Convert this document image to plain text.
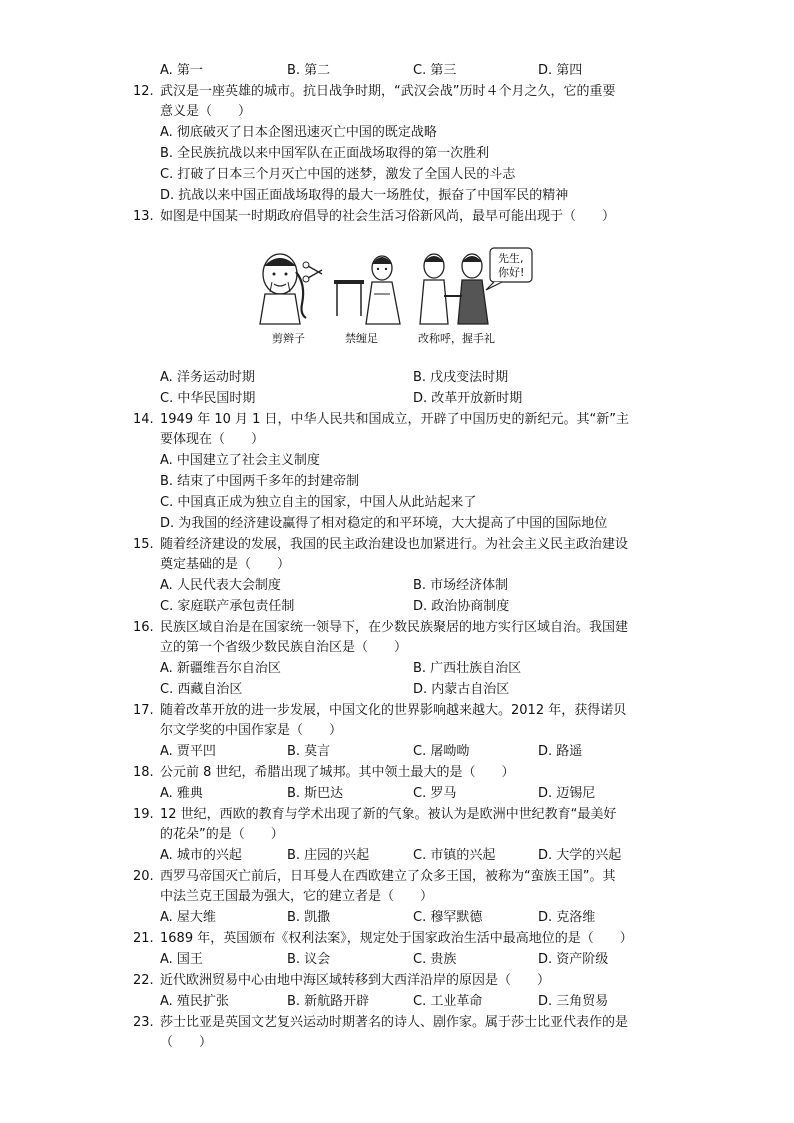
A. 第一	B. 第二	C. 第三	D. 第四
12. 武汉是一座英雄的城市。抗日战争时期，“武汉会战”历时４个月之久，它的重要
意义是（　　）
A. 彻底破灭了日本企图迅速灭亡中国的既定战略
B. 全民族抗战以来中国军队在正面战场取得的第一次胜利
C. 打破了日本三个月灭亡中国的迷梦，激发了全国人民的斗志
D. 抗战以来中国正面战场取得的最大一场胜仗，振奋了中国军民的精神
13. 如图是中国某一时期政府倡导的社会生活习俗新风尚，最早可能出现于（　　）
先生,
你好!
剪辫子	禁缠足	改称呼，握手礼
A. 洋务运动时期	B. 戊戌变法时期
C. 中华民国时期	D. 改革开放新时期
14. 1949 年 10 月 1 日，中华人民共和国成立，开辟了中国历史的新纪元。其“新”主
要体现在（　　）
A. 中国建立了社会主义制度
B. 结束了中国两千多年的封建帝制
C. 中国真正成为独立自主的国家，中国人从此站起来了
D. 为我国的经济建设赢得了相对稳定的和平环境，大大提高了中国的国际地位
15. 随着经济建设的发展，我国的民主政治建设也加紧进行。为社会主义民主政治建设
奠定基础的是（　　）
A. 人民代表大会制度	B. 市场经济体制
C. 家庭联产承包责任制	D. 政治协商制度
16. 民族区域自治是在国家统一领导下，在少数民族聚居的地方实行区域自治。我国建
立的第一个省级少数民族自治区是（　　）
A. 新疆维吾尔自治区	B. 广西壮族自治区
C. 西藏自治区	D. 内蒙古自治区
17. 随着改革开放的进一步发展，中国文化的世界影响越来越大。2012 年，获得诺贝
尔文学奖的中国作家是（　　）
A. 贾平凹	B. 莫言	C. 屠呦呦	D. 路遥
18. 公元前 8 世纪，希腊出现了城邦。其中领土最大的是（　　）
A. 雅典	B. 斯巴达	C. 罗马	D. 迈锡尼
19. 12 世纪，西欧的教育与学术出现了新的气象。被认为是欧洲中世纪教育“最美好
的花朵”的是（　　）
A. 城市的兴起	B. 庄园的兴起	C. 市镇的兴起	D. 大学的兴起
20. 西罗马帝国灭亡前后，日耳曼人在西欧建立了众多王国，被称为“蛮族王国”。其
中法兰克王国最为强大，它的建立者是（　　）
A. 屋大维	B. 凯撒	C. 穆罕默德	D. 克洛维
21. 1689 年，英国颁布《权利法案》，规定处于国家政治生活中最高地位的是（　　）
A. 国王	B. 议会	C. 贵族	D. 资产阶级
22. 近代欧洲贸易中心由地中海区域转移到大西洋沿岸的原因是（　　）
A. 殖民扩张	B. 新航路开辟	C. 工业革命	D. 三角贸易
23. 莎士比亚是英国文艺复兴运动时期著名的诗人、剧作家。属于莎士比亚代表作的是
（　　）
